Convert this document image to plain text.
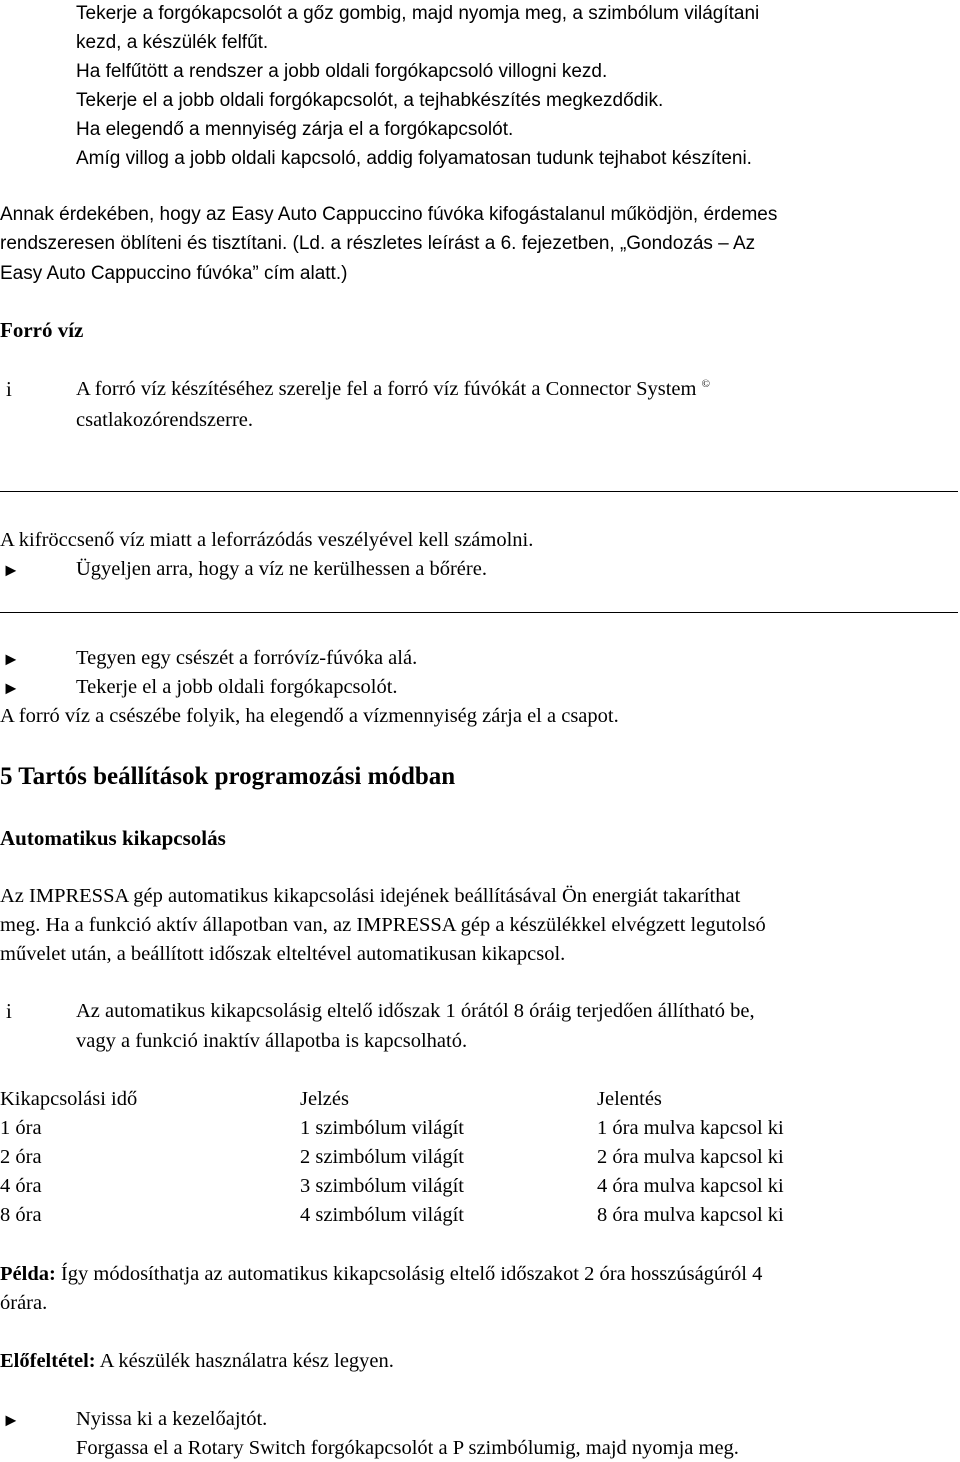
Tekerje a forgókapcsolót a gőz gombig, majd nyomja meg, a szimbólum világítani
kezd, a készülék felfűt.
Ha felfűtött a rendszer a jobb oldali forgókapcsoló villogni kezd.
Tekerje el a jobb oldali forgókapcsolót, a tejhabkészítés megkezdődik.
Ha elegendő a mennyiség zárja el a forgókapcsolót.
Amíg villog a jobb oldali kapcsoló, addig folyamatosan tudunk tejhabot készíteni.
Annak érdekében, hogy az Easy Auto Cappuccino fúvóka kifogástalanul működjön, érdemes
rendszeresen öblíteni és tisztítani. (Ld. a részletes leírást a 6. fejezetben, „Gondozás – Az
Easy Auto Cappuccino fúvóka” cím alatt.)
Forró víz
i	A forró víz készítéséhez szerelje fel a forró víz fúvókát a Connector System ©
csatlakozórendszerre.
A kifröccsenő víz miatt a leforrázódás veszélyével kell számolni.
►	Ügyeljen arra, hogy a víz ne kerülhessen a bőrére.
►	Tegyen egy csészét a forróvíz-fúvóka alá.
►	Tekerje el a jobb oldali forgókapcsolót.
A forró víz a csészébe folyik, ha elegendő a vízmennyiség zárja el a csapot.
5 Tartós beállítások programozási módban
Automatikus kikapcsolás
Az IMPRESSA gép automatikus kikapcsolási idejének beállításával Ön energiát takaríthat
meg. Ha a funkció aktív állapotban van, az IMPRESSA gép a készülékkel elvégzett legutolsó
művelet után, a beállított időszak elteltével automatikusan kikapcsol.
i	Az automatikus kikapcsolásig eltelő időszak 1 órától 8 óráig terjedően állítható be,
vagy a funkció inaktív állapotba is kapcsolható.
Kikapcsolási idő	Jelzés	Jelentés
1 óra	1 szimbólum világít	1 óra mulva kapcsol ki
2 óra	2 szimbólum világít	2 óra mulva kapcsol ki
4 óra	3 szimbólum világít	4 óra mulva kapcsol ki
8 óra	4 szimbólum világít	8 óra mulva kapcsol ki
Példa: Így módosíthatja az automatikus kikapcsolásig eltelő időszakot 2 óra hosszúságúról 4
órára.
Előfeltétel: A készülék használatra kész legyen.
►	Nyissa ki a kezelőajtót.
Forgassa el a Rotary Switch forgókapcsolót a P szimbólumig, majd nyomja meg.
